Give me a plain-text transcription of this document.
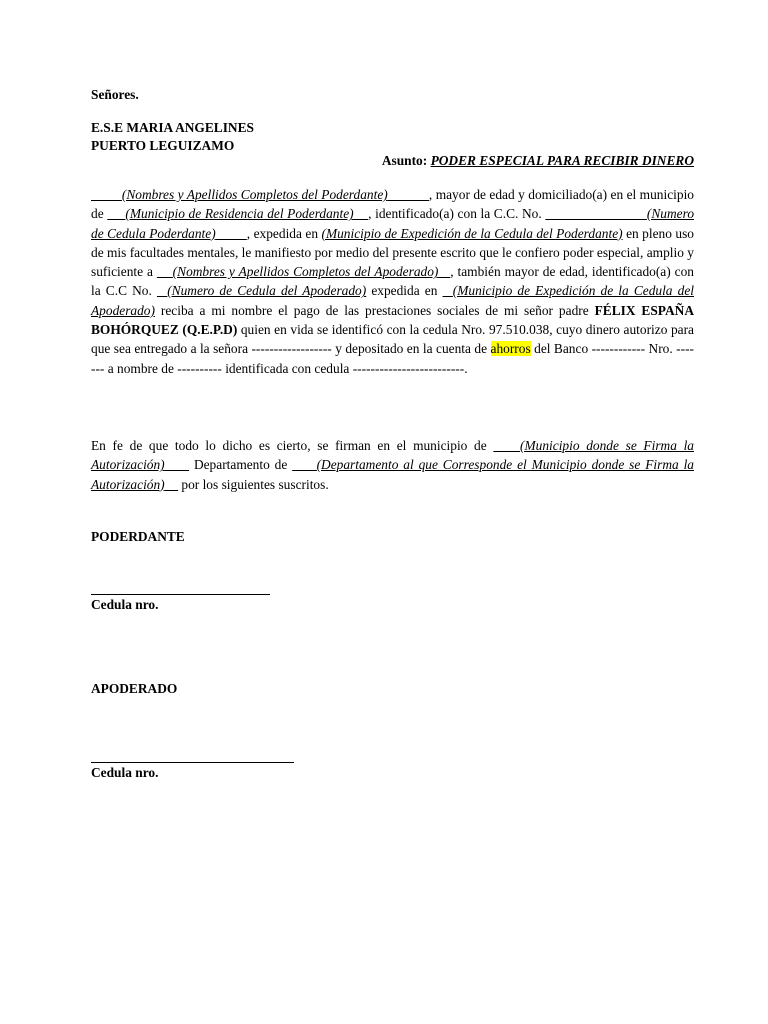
Señores.
E.S.E MARIA ANGELINES
PUERTO LEGUIZAMO
Asunto: PODER ESPECIAL PARA RECIBIR DINERO
(Nombres y Apellidos Completos del Poderdante)	, mayor de edad y domiciliado(a) en el municipio de      (Municipio de Residencia del Poderdante) , identificado(a) con la C.C. No.	(Numero de Cedula Poderdante) , expedida en (Municipio de Expedición de la Cedula del Poderdante) en pleno uso de mis facultades mentales, le manifiesto por medio del presente escrito que le confiero poder especial, amplio y suficiente a     (Nombres y Apellidos Completos del Apoderado) , también mayor de edad, identificado(a) con la C.C No.   (Numero de Cedula del Apoderado) expedida en   (Municipio de Expedición de la Cedula del Apoderado) reciba a mi nombre el pago de las prestaciones sociales de mi señor padre FÉLIX ESPAÑA BOHÓRQUEZ (Q.E.P.D) quien en vida se identificó con la cedula Nro. 97.510.038, cuyo dinero autorizo para que sea entregado a la señora ------------------ y depositado en la cuenta de ahorros del Banco ------------ Nro. ------- a nombre de ---------- identificada con cedula -------------------------.
En fe de que todo lo dicho es cierto, se firman en el municipio de     (Municipio donde se Firma la Autorización)      Departamento de      (Departamento al que Corresponde el Municipio donde se Firma la Autorización)     por los siguientes suscritos.
PODERDANTE
Cedula nro.
APODERADO
Cedula nro.
